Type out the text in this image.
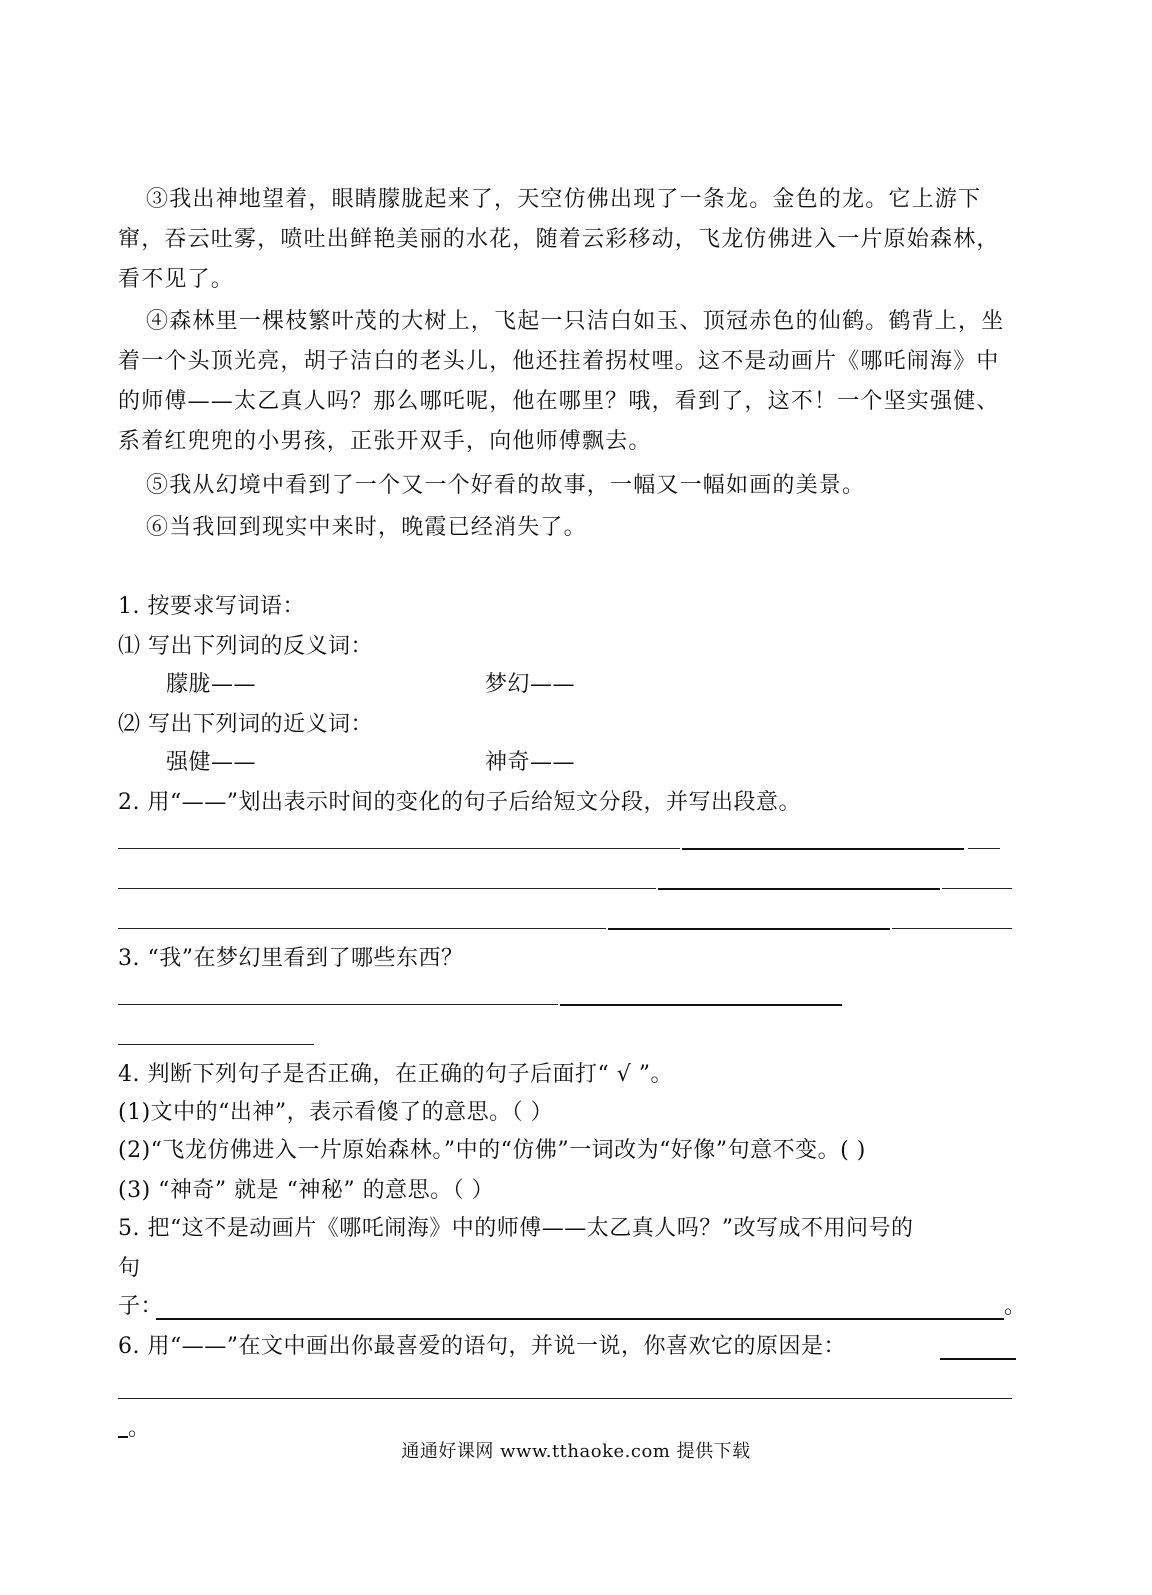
③我出神地望着，眼睛朦胧起来了，天空仿佛出现了一条龙。金色的龙。它上游下窜，吞云吐雾，喷吐出鲜艳美丽的水花，随着云彩移动，飞龙仿佛进入一片原始森林，看不见了。
④森林里一棵枝繁叶茂的大树上，飞起一只洁白如玉、顶冠赤色的仙鹤。鹤背上，坐着一个头顶光亮，胡子洁白的老头儿，他还拄着拐杖哩。这不是动画片《哪吒闹海》中的师傅——太乙真人吗？那么哪吒呢，他在哪里？哦，看到了，这不！一个坚实强健、系着红兜兜的小男孩，正张开双手，向他师傅飘去。
⑤我从幻境中看到了一个又一个好看的故事，一幅又一幅如画的美景。
⑥当我回到现实中来时，晚霞已经消失了。
1. 按要求写词语：
⑴ 写出下列词的反义词：
朦胧——	梦幻——
⑵ 写出下列词的近义词：
强健——	神奇——
2. 用“——”划出表示时间的变化的句子后给短文分段，并写出段意。
3. “我”在梦幻里看到了哪些东西？
4. 判断下列句子是否正确，在正确的句子后面打“ √ ”。
(1)文中的“出神”，表示看傻了的意思。（ ）
(2)“飞龙仿佛进入一片原始森林。”中的“仿佛”一词改为“好像”句意不变。( )
(3) “神奇” 就是 “神秘” 的意思。（ ）
5. 把“这不是动画片《哪吒闹海》中的师傅——太乙真人吗？”改写成不用问号的
句
子：	。
6. 用“——”在文中画出你最喜爱的语句，并说一说，你喜欢它的原因是：
。
通通好课网 www.tthaoke.com 提供下载
